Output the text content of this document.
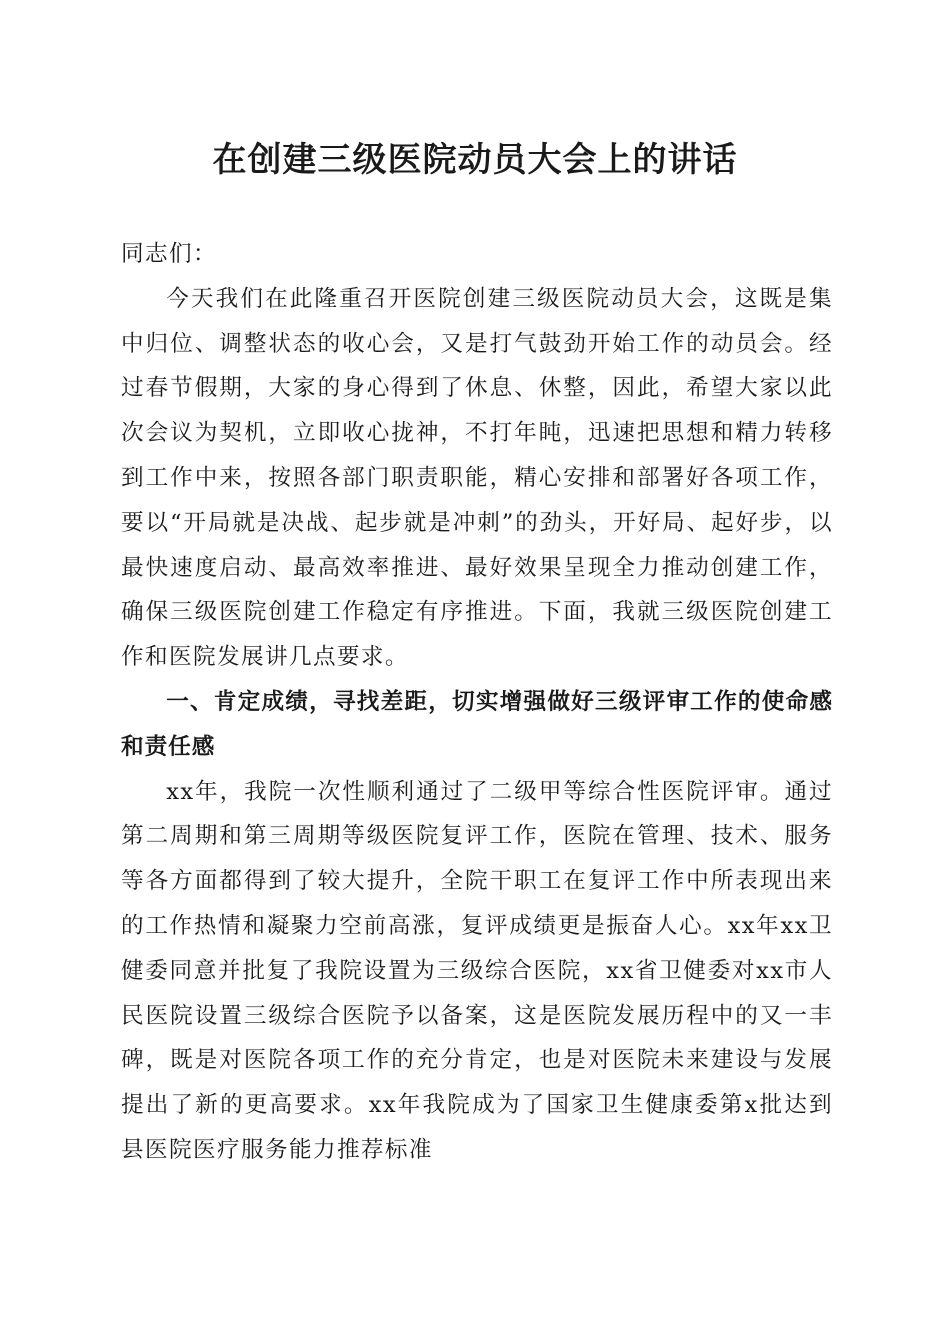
在创建三级医院动员大会上的讲话

同志们：

今天我们在此隆重召开医院创建三级医院动员大会，这既是集中归位、调整状态的收心会，又是打气鼓劲开始工作的动员会。经过春节假期，大家的身心得到了休息、休整，因此，希望大家以此次会议为契机，立即收心拢神，不打年盹，迅速把思想和精力转移到工作中来，按照各部门职责职能，精心安排和部署好各项工作，要以“开局就是决战、起步就是冲刺”的劲头，开好局、起好步，以最快速度启动、最高效率推进、最好效果呈现全力推动创建工作，确保三级医院创建工作稳定有序推进。下面，我就三级医院创建工作和医院发展讲几点要求。

一、肯定成绩，寻找差距，切实增强做好三级评审工作的使命感和责任感

xx年，我院一次性顺利通过了二级甲等综合性医院评审。通过第二周期和第三周期等级医院复评工作，医院在管理、技术、服务等各方面都得到了较大提升，全院干职工在复评工作中所表现出来的工作热情和凝聚力空前高涨，复评成绩更是振奋人心。xx年xx卫健委同意并批复了我院设置为三级综合医院，xx省卫健委对xx市人民医院设置三级综合医院予以备案，这是医院发展历程中的又一丰碑，既是对医院各项工作的充分肯定，也是对医院未来建设与发展提出了新的更高要求。xx年我院成为了国家卫生健康委第x批达到县医院医疗服务能力推荐标准
